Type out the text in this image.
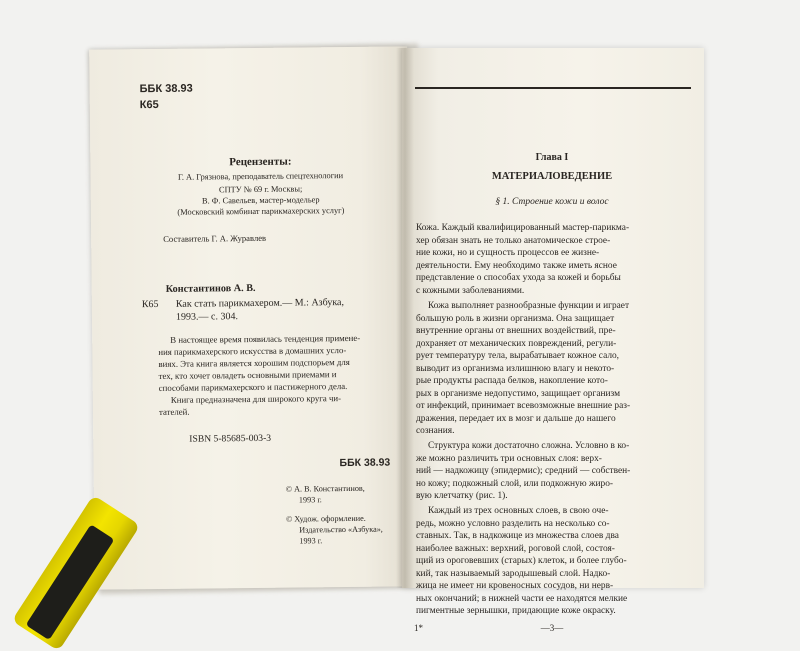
ББК 38.93
К65
Рецензенты:
Г. А. Грязнова, преподаватель спецтехнологии
СПТУ № 69 г. Москвы;
В. Ф. Савельев, мастер-модельер
(Московский комбинат парикмахерских услуг)
Составитель Г. А. Журавлев
Константинов А. В.
К65 Как стать парикмахером.— М.: Азбука,
1993.— с. 304.
В настоящее время появилась тенденция примене-
ния парикмахерского искусства в домашних усло-
виях. Эта книга является хорошим подспорьем для
тех, кто хочет овладеть основными приемами и
способами парикмахерского и пастижерного дела.
Книга предназначена для широкого круга чи-
тателей.
ISBN 5-85685-003-3
ББК 38.93
© А. В. Константинов,
1993 г.
© Худож. оформление.
Издательство «Азбука»,
1993 г.
Глава I
МАТЕРИАЛОВЕДЕНИЕ
§ 1. Строение кожи и волос
Кожа. Каждый квалифицированный мастер-парикма-
хер обязан знать не только анатомическое строе-
ние кожи, но и сущность процессов ее жизне-
деятельности. Ему необходимо также иметь ясное
представление о способах ухода за кожей и борьбы
с кожными заболеваниями.
Кожа выполняет разнообразные функции и играет
большую роль в жизни организма. Она защищает
внутренние органы от внешних воздействий, пре-
дохраняет от механических повреждений, регули-
рует температуру тела, вырабатывает кожное сало,
выводит из организма излишнюю влагу и некото-
рые продукты распада белков, накопление кото-
рых в организме недопустимо, защищает организм
от инфекций, принимает всевозможные внешние раз-
дражения, передает их в мозг и дальше до нашего
сознания.
Структура кожи достаточно сложна. Условно в ко-
же можно различить три основных слоя: верх-
ний — надкожицу (эпидермис); средний — собствен-
но кожу; подкожный слой, или подкожную жиро-
вую клетчатку (рис. 1).
Каждый из трех основных слоев, в свою оче-
редь, можно условно разделить на несколько со-
ставных. Так, в надкожице из множества слоев два
наиболее важных: верхний, роговой слой, состоя-
щий из ороговевших (старых) клеток, и более глубо-
кий, так называемый зародышевый слой. Надко-
жица не имеет ни кровеносных сосудов, ни нерв-
ных окончаний; в нижней части ее находятся мелкие
пигментные зернышки, придающие коже окраску.
1*	—3—
